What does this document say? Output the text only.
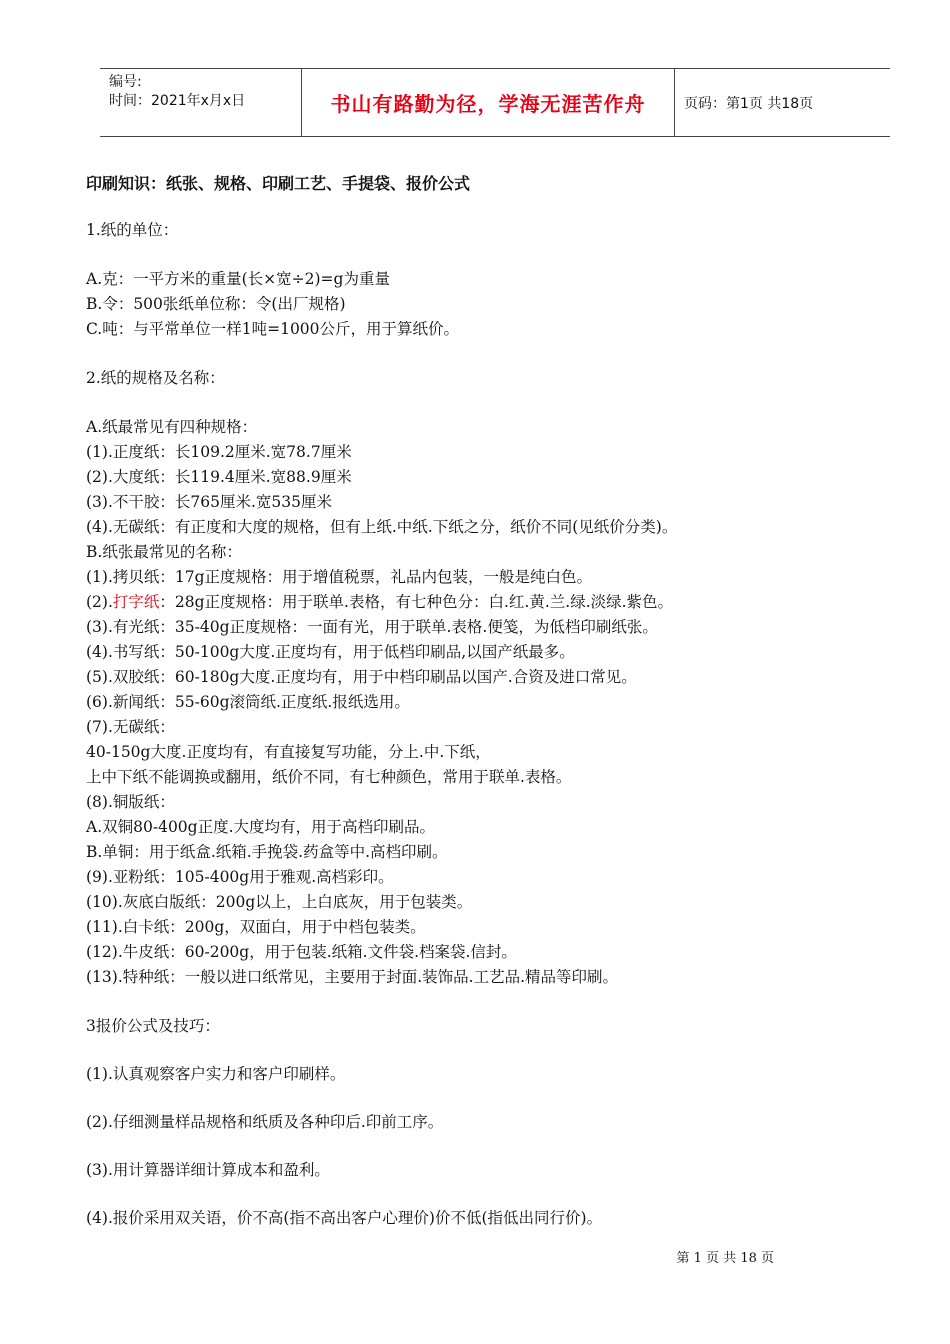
编号:
时间：2021年x月x日	书山有路勤为径，学海无涯苦作舟	页码：第1页 共18页
印刷知识：纸张、规格、印刷工艺、手提袋、报价公式
1.纸的单位：
A.克：一平方米的重量(长×宽÷2)=g为重量
B.令：500张纸单位称：令(出厂规格)
C.吨：与平常单位一样1吨=1000公斤，用于算纸价。
2.纸的规格及名称：
A.纸最常见有四种规格：
(1).正度纸：长109.2厘米.宽78.7厘米
(2).大度纸：长119.4厘米.宽88.9厘米
(3).不干胶：长765厘米.宽535厘米
(4).无碳纸：有正度和大度的规格，但有上纸.中纸.下纸之分，纸价不同(见纸价分类)。
B.纸张最常见的名称：
(1).拷贝纸：17g正度规格：用于增值税票，礼品内包装，一般是纯白色。
(2).打字纸：28g正度规格：用于联单.表格，有七种色分：白.红.黄.兰.绿.淡绿.紫色。
(3).有光纸：35-40g正度规格：一面有光，用于联单.表格.便笺，为低档印刷纸张。
(4).书写纸：50-100g大度.正度均有，用于低档印刷品,以国产纸最多。
(5).双胶纸：60-180g大度.正度均有，用于中档印刷品以国产.合资及进口常见。
(6).新闻纸：55-60g滚筒纸.正度纸.报纸选用。
(7).无碳纸：
40-150g大度.正度均有，有直接复写功能，分上.中.下纸，
上中下纸不能调换或翻用，纸价不同，有七种颜色，常用于联单.表格。
(8).铜版纸：
A.双铜80-400g正度.大度均有，用于高档印刷品。
B.单铜：用于纸盒.纸箱.手挽袋.药盒等中.高档印刷。
(9).亚粉纸：105-400g用于雅观.高档彩印。
(10).灰底白版纸：200g以上，上白底灰，用于包装类。
(11).白卡纸：200g，双面白，用于中档包装类。
(12).牛皮纸：60-200g，用于包装.纸箱.文件袋.档案袋.信封。
(13).特种纸：一般以进口纸常见，主要用于封面.装饰品.工艺品.精品等印刷。
3报价公式及技巧：
(1).认真观察客户实力和客户印刷样。
(2).仔细测量样品规格和纸质及各种印后.印前工序。
(3).用计算器详细计算成本和盈利。
(4).报价采用双关语，价不高(指不高出客户心理价)价不低(指低出同行价)。
第 1 页 共 18 页
